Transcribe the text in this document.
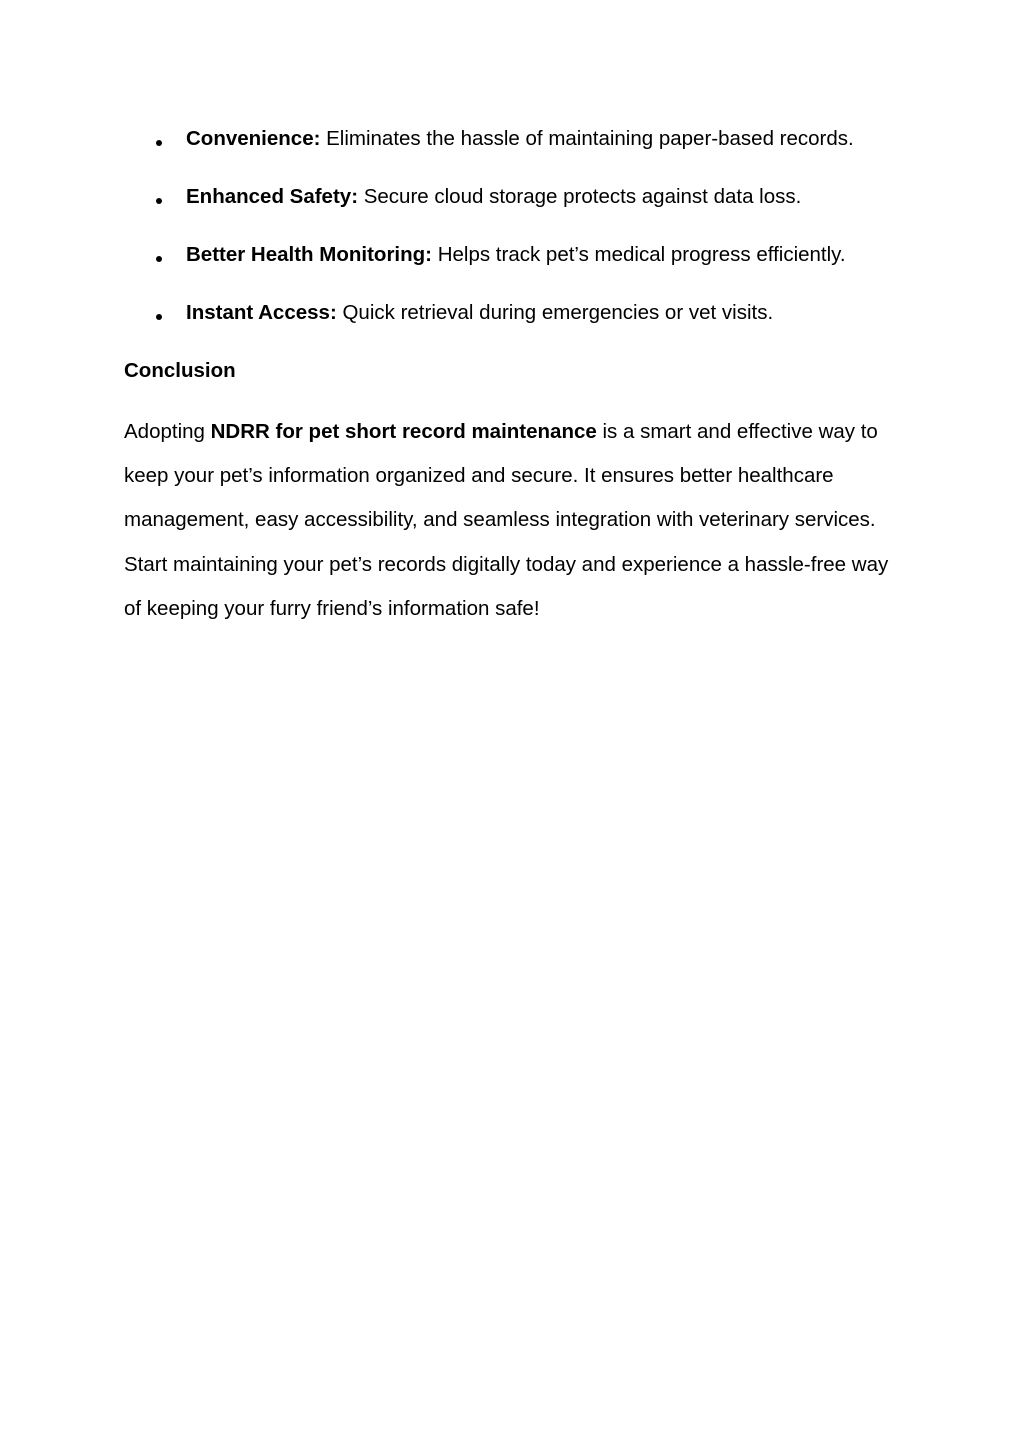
Convenience: Eliminates the hassle of maintaining paper-based records.
Enhanced Safety: Secure cloud storage protects against data loss.
Better Health Monitoring: Helps track pet’s medical progress efficiently.
Instant Access: Quick retrieval during emergencies or vet visits.
Conclusion

Adopting NDRR for pet short record maintenance is a smart and effective way to keep your pet’s information organized and secure. It ensures better healthcare management, easy accessibility, and seamless integration with veterinary services. Start maintaining your pet’s records digitally today and experience a hassle-free way of keeping your furry friend’s information safe!
